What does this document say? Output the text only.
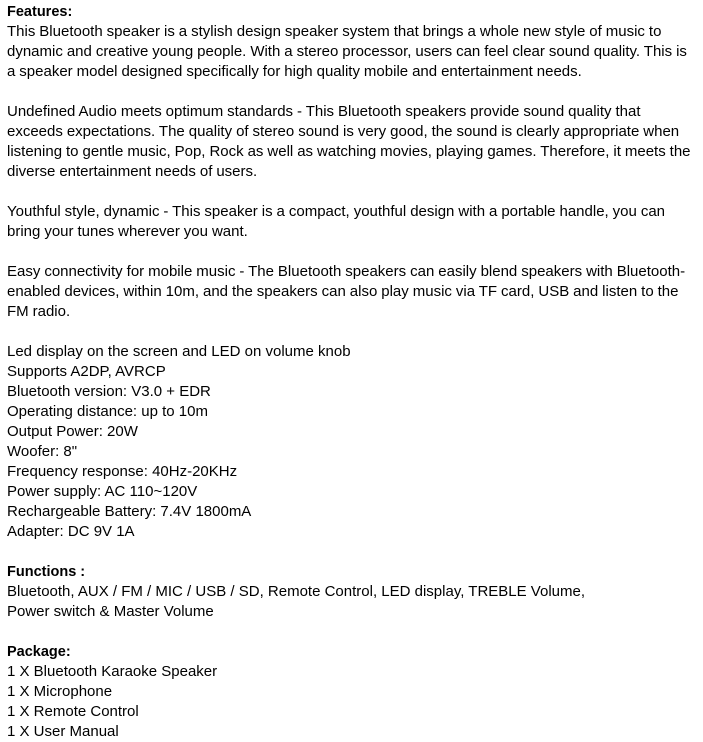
Features:

This Bluetooth speaker is a stylish design speaker system that brings a whole new style of music to dynamic and creative young people. With a stereo processor, users can feel clear sound quality. This is a speaker model designed specifically for high quality mobile and entertainment needs.

Undefined Audio meets optimum standards - This Bluetooth speakers provide sound quality that exceeds expectations. The quality of stereo sound is very good, the sound is clearly appropriate when listening to gentle music, Pop, Rock as well as watching movies, playing games. Therefore, it meets the diverse entertainment needs of users.

Youthful style, dynamic - This speaker is a compact, youthful design with a portable handle, you can bring your tunes wherever you want.

Easy connectivity for mobile music - The Bluetooth speakers can easily blend speakers with Bluetooth-enabled devices, within 10m, and the speakers can also play music via TF card, USB and listen to the FM radio.

Led display on the screen and LED on volume knob

Supports A2DP, AVRCP

Bluetooth version: V3.0 + EDR

Operating distance: up to 10m

Output Power: 20W

Woofer: 8"

Frequency response: 40Hz-20KHz

Power supply: AC 110~120V

Rechargeable Battery: 7.4V 1800mA

Adapter: DC 9V 1A

Functions :

Bluetooth, AUX / FM / MIC / USB / SD, Remote Control, LED display, TREBLE Volume,

Power switch & Master Volume

Package:
1 X Bluetooth Karaoke Speaker
1 X Microphone
1 X Remote Control
1 X User Manual
